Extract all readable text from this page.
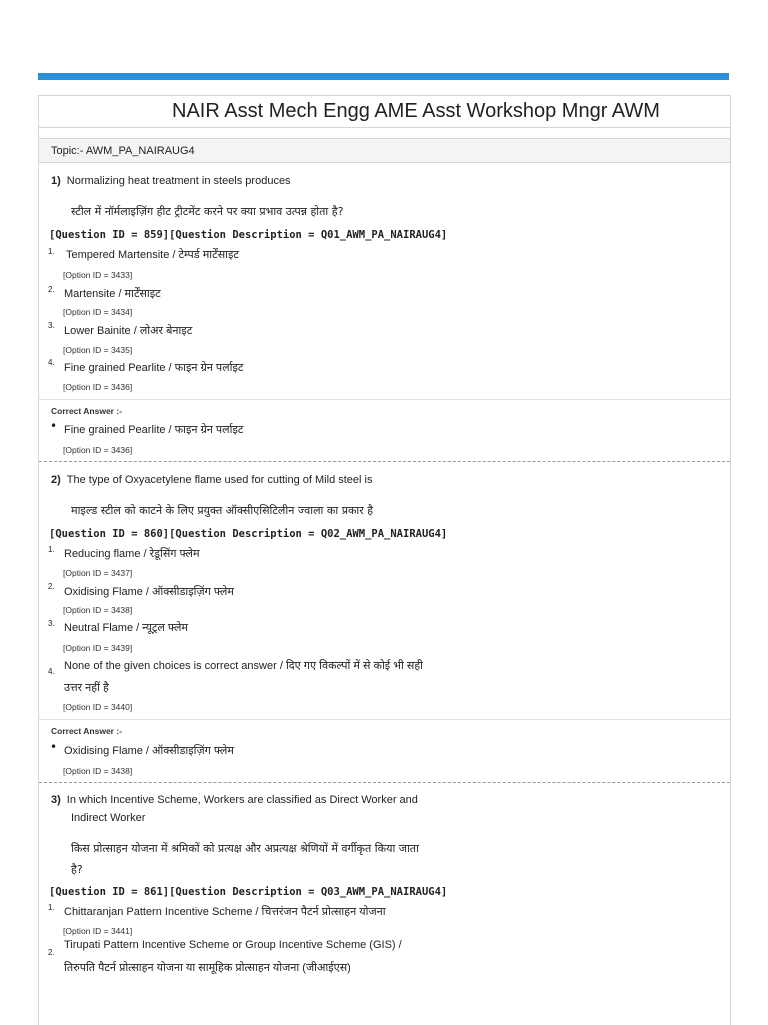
NAIR Asst Mech Engg AME Asst Workshop Mngr AWM
Topic:- AWM_PA_NAIRAUG4
1) Normalizing heat treatment in steels produces
स्टील में नॉर्मलाइज़िंग हीट ट्रीटमेंट करने पर क्या प्रभाव उत्पन्न होता है?
[Question ID = 859][Question Description = Q01_AWM_PA_NAIRAUG4]
1. Tempered Martensite / टेम्पर्ड मार्टेंसाइट
[Option ID = 3433]
2. Martensite / मार्टेंसाइट
[Option ID = 3434]
3. Lower Bainite / लोअर बेनाइट
[Option ID = 3435]
4. Fine grained Pearlite / फाइन ग्रेन पर्लाइट
[Option ID = 3436]
Correct Answer :-
• Fine grained Pearlite / फाइन ग्रेन पर्लाइट
[Option ID = 3436]
2) The type of Oxyacetylene flame used for cutting of Mild steel is
माइल्ड स्टील को काटने के लिए प्रयुक्त ऑक्सीएसिटिलीन ज्वाला का प्रकार है
[Question ID = 860][Question Description = Q02_AWM_PA_NAIRAUG4]
1. Reducing flame / रेडूसिंग फ्लेम
[Option ID = 3437]
2. Oxidising Flame / ऑक्सीडाइज़िंग फ्लेम
[Option ID = 3438]
3. Neutral Flame / न्यूट्रल फ्लेम
[Option ID = 3439]
4. None of the given choices is correct answer / दिए गए विकल्पों में से कोई भी सही
उत्तर नहीं है
[Option ID = 3440]
Correct Answer :-
• Oxidising Flame / ऑक्सीडाइज़िंग फ्लेम
[Option ID = 3438]
3) In which Incentive Scheme, Workers are classified as Direct Worker and
Indirect Worker
किस प्रोत्साहन योजना में श्रमिकों को प्रत्यक्ष और अप्रत्यक्ष श्रेणियों में वर्गीकृत किया जाता
है?
[Question ID = 861][Question Description = Q03_AWM_PA_NAIRAUG4]
1. Chittaranjan Pattern Incentive Scheme / चित्तरंजन पैटर्न प्रोत्साहन योजना
[Option ID = 3441]
2.
Tirupati Pattern Incentive Scheme or Group Incentive Scheme (GIS) /
तिरुपति पैटर्न प्रोत्साहन योजना या सामूहिक प्रोत्साहन योजना (जीआईएस)
